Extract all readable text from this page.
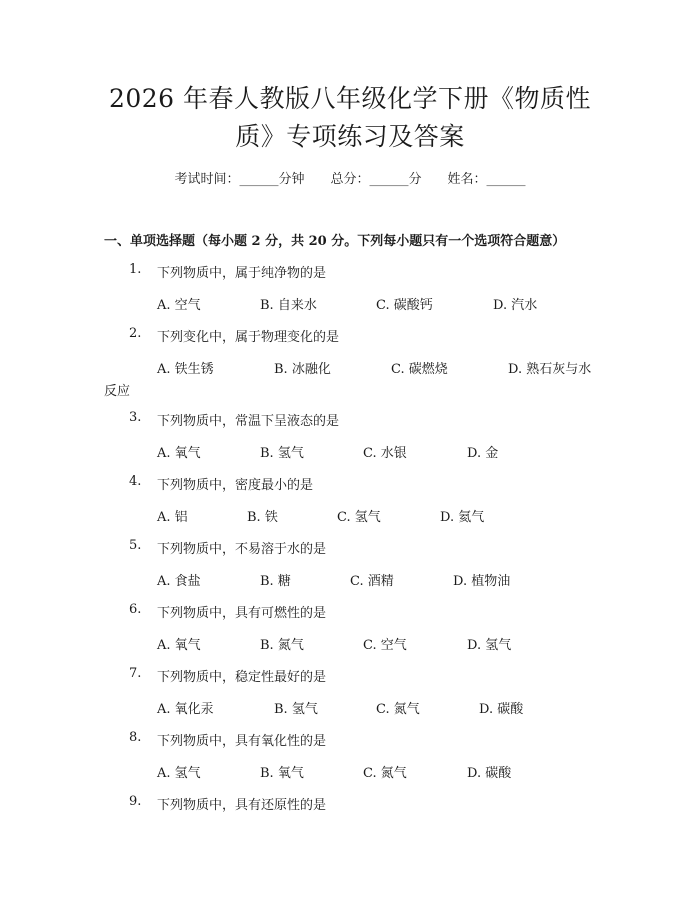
2026 年春人教版八年级化学下册《物质性
质》专项练习及答案
考试时间：______分钟 总分：______分 姓名：______
一、单项选择题（每小题 2 分，共 20 分。下列每小题只有一个选项符合题意）
1. 下列物质中，属于纯净物的是
A. 空气	B. 自来水	C. 碳酸钙	D. 汽水
2. 下列变化中，属于物理变化的是
A. 铁生锈	B. 冰融化	C. 碳燃烧	D. 熟石灰与水
反应
3. 下列物质中，常温下呈液态的是
A. 氧气	B. 氢气	C. 水银	D. 金
4. 下列物质中，密度最小的是
A. 铝	B. 铁	C. 氢气	D. 氦气
5. 下列物质中，不易溶于水的是
A. 食盐	B. 糖	C. 酒精	D. 植物油
6. 下列物质中，具有可燃性的是
A. 氧气	B. 氮气	C. 空气	D. 氢气
7. 下列物质中，稳定性最好的是
A. 氧化汞	B. 氢气	C. 氮气	D. 碳酸
8. 下列物质中，具有氧化性的是
A. 氢气	B. 氧气	C. 氮气	D. 碳酸
9. 下列物质中，具有还原性的是
